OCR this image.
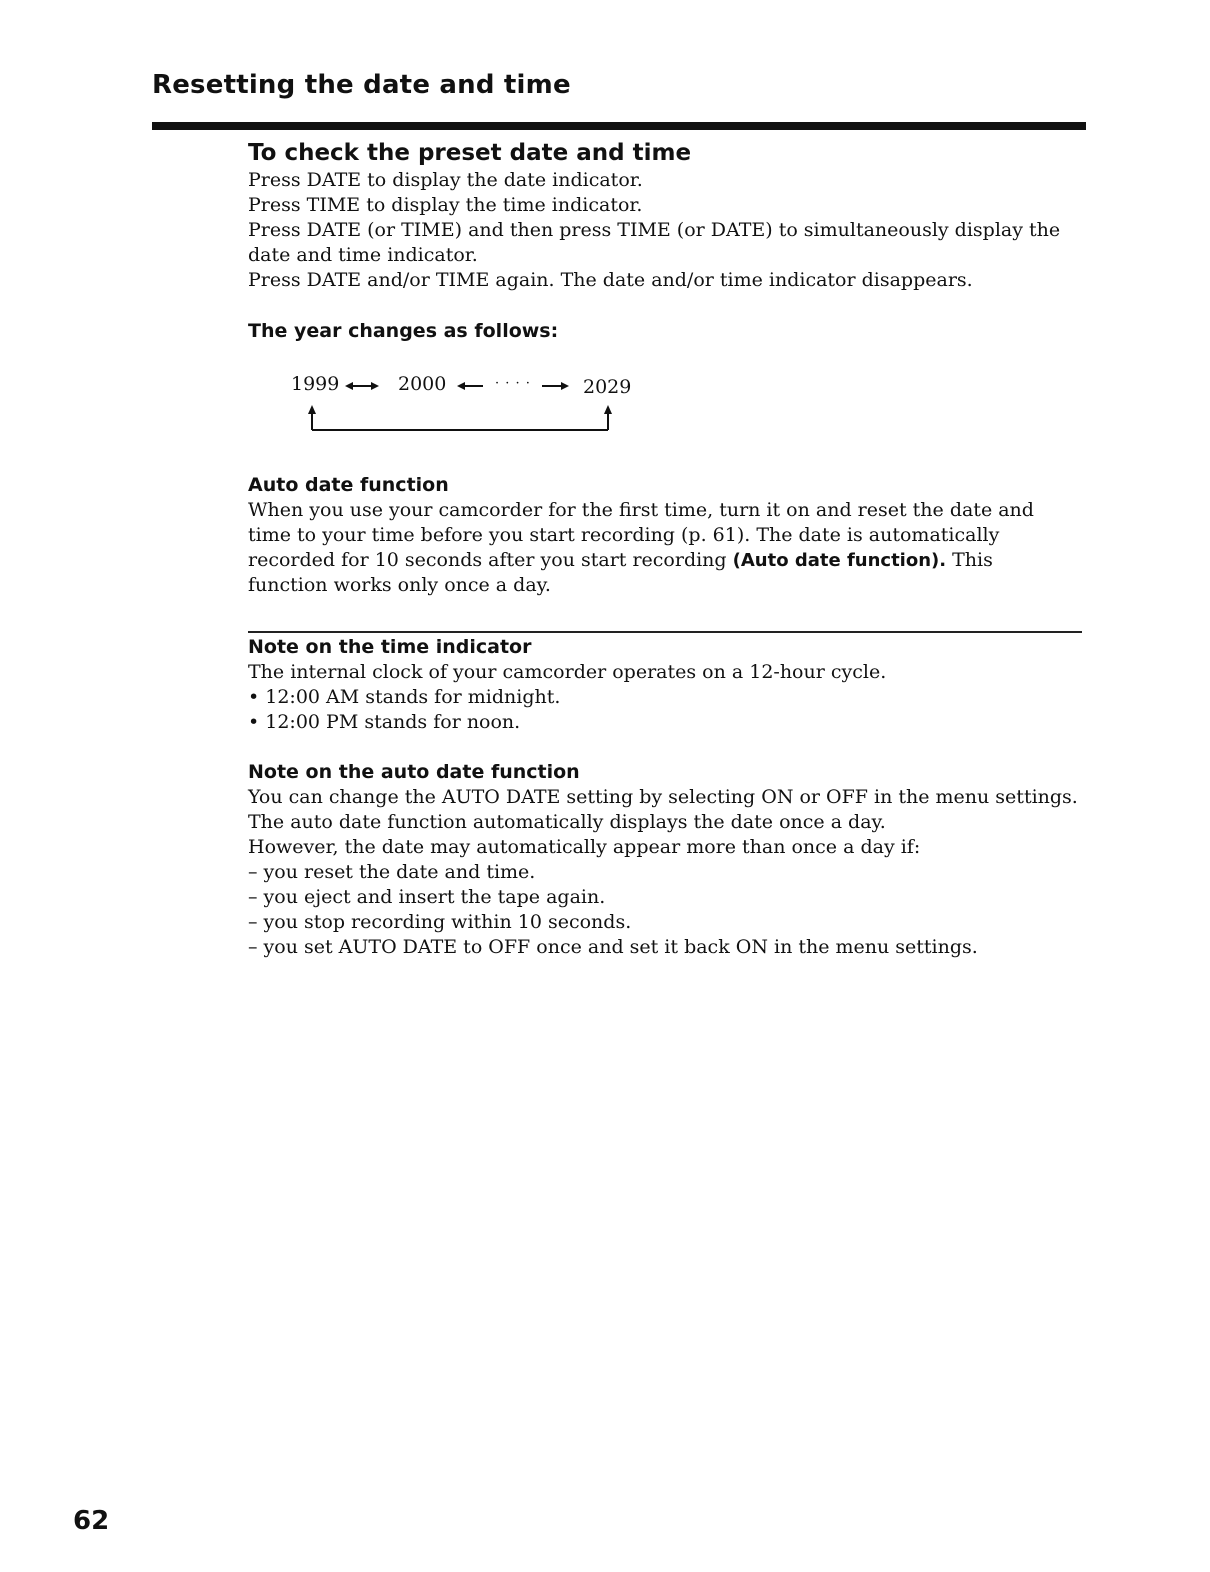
Resetting the date and time
To check the preset date and time

Press DATE to display the date indicator.

Press TIME to display the time indicator.

Press DATE (or TIME) and then press TIME (or DATE) to simultaneously display the date and time indicator.

Press DATE and/or TIME again. The date and/or time indicator disappears.

The year changes as follows:
1999	2000	· · · ·	2029
Auto date function

When you use your camcorder for the first time, turn it on and reset the date and time to your time before you start recording (p. 61). The date is automatically recorded for 10 seconds after you start recording (Auto date function). This function works only once a day.

Note on the time indicator

The internal clock of your camcorder operates on a 12-hour cycle.

• 12:00 AM stands for midnight.

• 12:00 PM stands for noon.

Note on the auto date function

You can change the AUTO DATE setting by selecting ON or OFF in the menu settings.

The auto date function automatically displays the date once a day.

However, the date may automatically appear more than once a day if:

– you reset the date and time.

– you eject and insert the tape again.

– you stop recording within 10 seconds.

– you set AUTO DATE to OFF once and set it back ON in the menu settings.

62
